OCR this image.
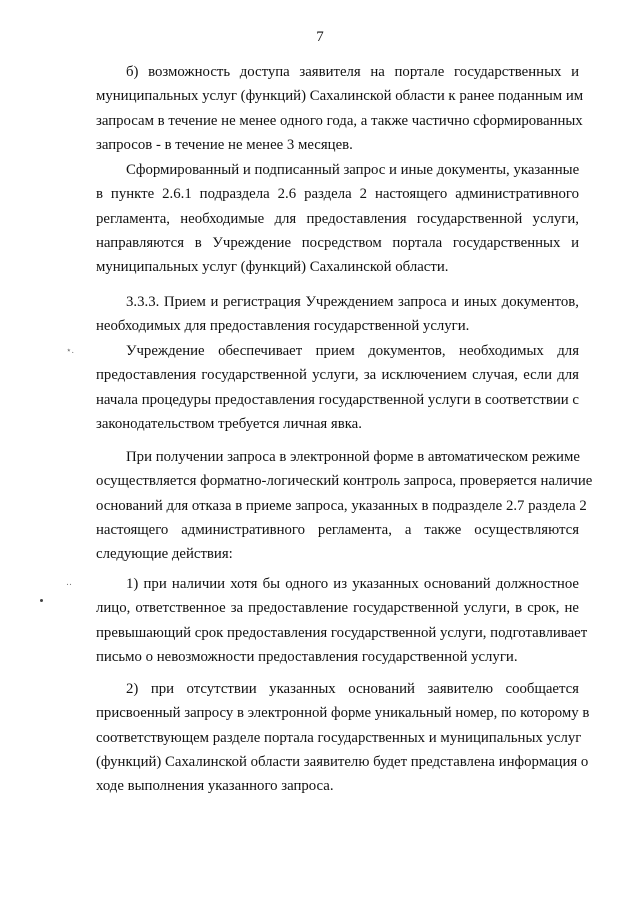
7
б) возможность доступа заявителя на портале государственных и
муниципальных услуг (функций) Сахалинской области к ранее поданным им
запросам в течение не менее одного года, а также частично сформированных
запросов - в течение не менее 3 месяцев.
Сформированный и подписанный запрос и иные документы, указанные
в пункте 2.6.1 подраздела 2.6 раздела 2 настоящего административного
регламента, необходимые для предоставления государственной услуги,
направляются в Учреждение посредством портала государственных и
муниципальных услуг (функций) Сахалинской области.
3.3.3. Прием и регистрация Учреждением запроса и иных документов,
необходимых для предоставления государственной услуги.
Учреждение обеспечивает прием документов, необходимых для
предоставления государственной услуги, за исключением случая, если для
начала процедуры предоставления государственной услуги в соответствии с
законодательством требуется личная явка.
При получении запроса в электронной форме в автоматическом режиме
осуществляется форматно-логический контроль запроса, проверяется наличие
оснований для отказа в приеме запроса, указанных в подразделе 2.7 раздела 2
настоящего административного регламента, а также осуществляются
следующие действия:
1) при наличии хотя бы одного из указанных оснований должностное
лицо, ответственное за предоставление государственной услуги, в срок, не
превышающий срок предоставления государственной услуги, подготавливает
письмо о невозможности предоставления государственной услуги.
2) при отсутствии указанных оснований заявителю сообщается
присвоенный запросу в электронной форме уникальный номер, по которому в
соответствующем разделе портала государственных и муниципальных услуг
(функций) Сахалинской области заявителю будет представлена информация о
ходе выполнения указанного запроса.
⋆.
‥
